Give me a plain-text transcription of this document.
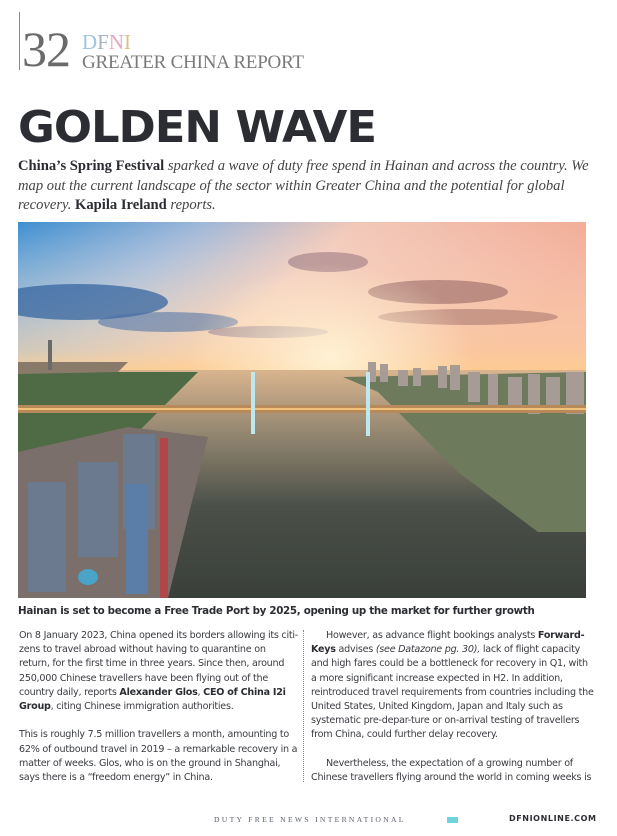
32 DFNI
GREATER CHINA REPORT
GOLDEN WAVE
China’s Spring Festival sparked a wave of duty free spend in Hainan and across the country. We map out the current landscape of the sector within Greater China and the potential for global recovery. Kapila Ireland reports.
Hainan is set to become a Free Trade Port by 2025, opening up the market for further growth

On 8 January 2023, China opened its borders allowing its citi-zens to travel abroad without having to quarantine on return, for the first time in three years. Since then, around 250,000 Chinese travellers have been flying out of the country daily, reports Alexander Glos, CEO of China I2i Group, citing Chinese immigration authorities.

This is roughly 7.5 million travellers a month, amounting to 62% of outbound travel in 2019 – a remarkable recovery in a matter of weeks. Glos, who is on the ground in Shanghai, says there is a “freedom energy” in China.

However, as advance flight bookings analysts Forward-Keys advises (see Datazone pg. 30), lack of flight capacity and high fares could be a bottleneck for recovery in Q1, with a more significant increase expected in H2. In addition, reintroduced travel requirements from countries including the United States, United Kingdom, Japan and Italy such as systematic pre-depar-ture or on-arrival testing of travellers from China, could further delay recovery.

Nevertheless, the expectation of a growing number of Chinese travellers flying around the world in coming weeks is

DUTY FREE NEWS INTERNATIONAL	DFNIONLINE.COM
